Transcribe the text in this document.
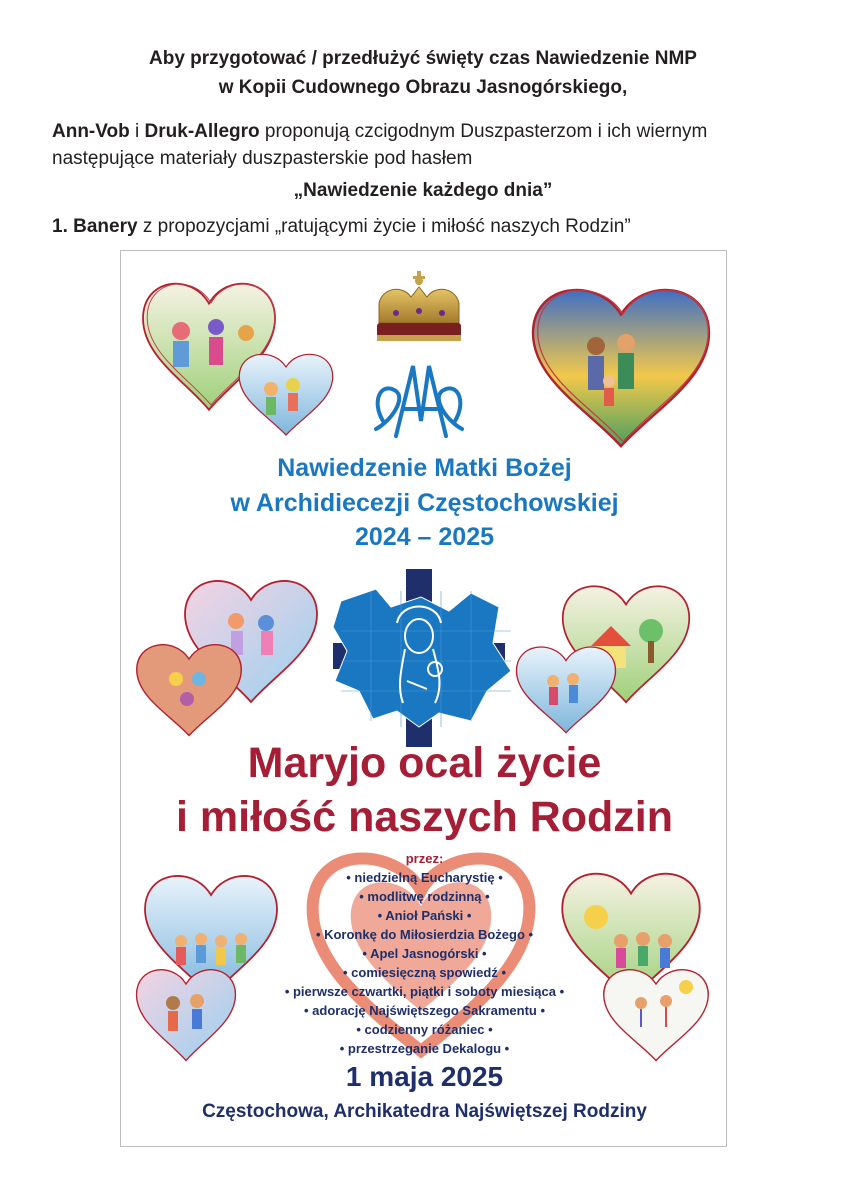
Aby przygotować / przedłużyć święty czas Nawiedzenie NMP
w Kopii Cudownego Obrazu Jasnogórskiego,
Ann-Vob i Druk-Allegro proponują czcigodnym Duszpasterzom i ich wiernym następujące materiały duszpasterskie pod hasłem
„Nawiedzenie każdego dnia”
1. Banery z propozycjami „ratującymi życie i miłość naszych Rodzin”
Nawiedzenie Matki Bożej
w Archidiecezji Częstochowskiej
2024 – 2025
Maryjo ocal życie
i miłość naszych Rodzin
przez:
• niedzielną Eucharystię •
• modlitwę rodzinną •
• Anioł Pański •
• Koronkę do Miłosierdzia Bożego •
• Apel Jasnogórski •
• comiesięczną spowiedź •
• pierwsze czwartki, piątki i soboty miesiąca •
• adorację Najświętszego Sakramentu •
• codzienny różaniec •
• przestrzeganie Dekalogu •
1 maja 2025
Częstochowa, Archikatedra Najświętszej Rodziny
